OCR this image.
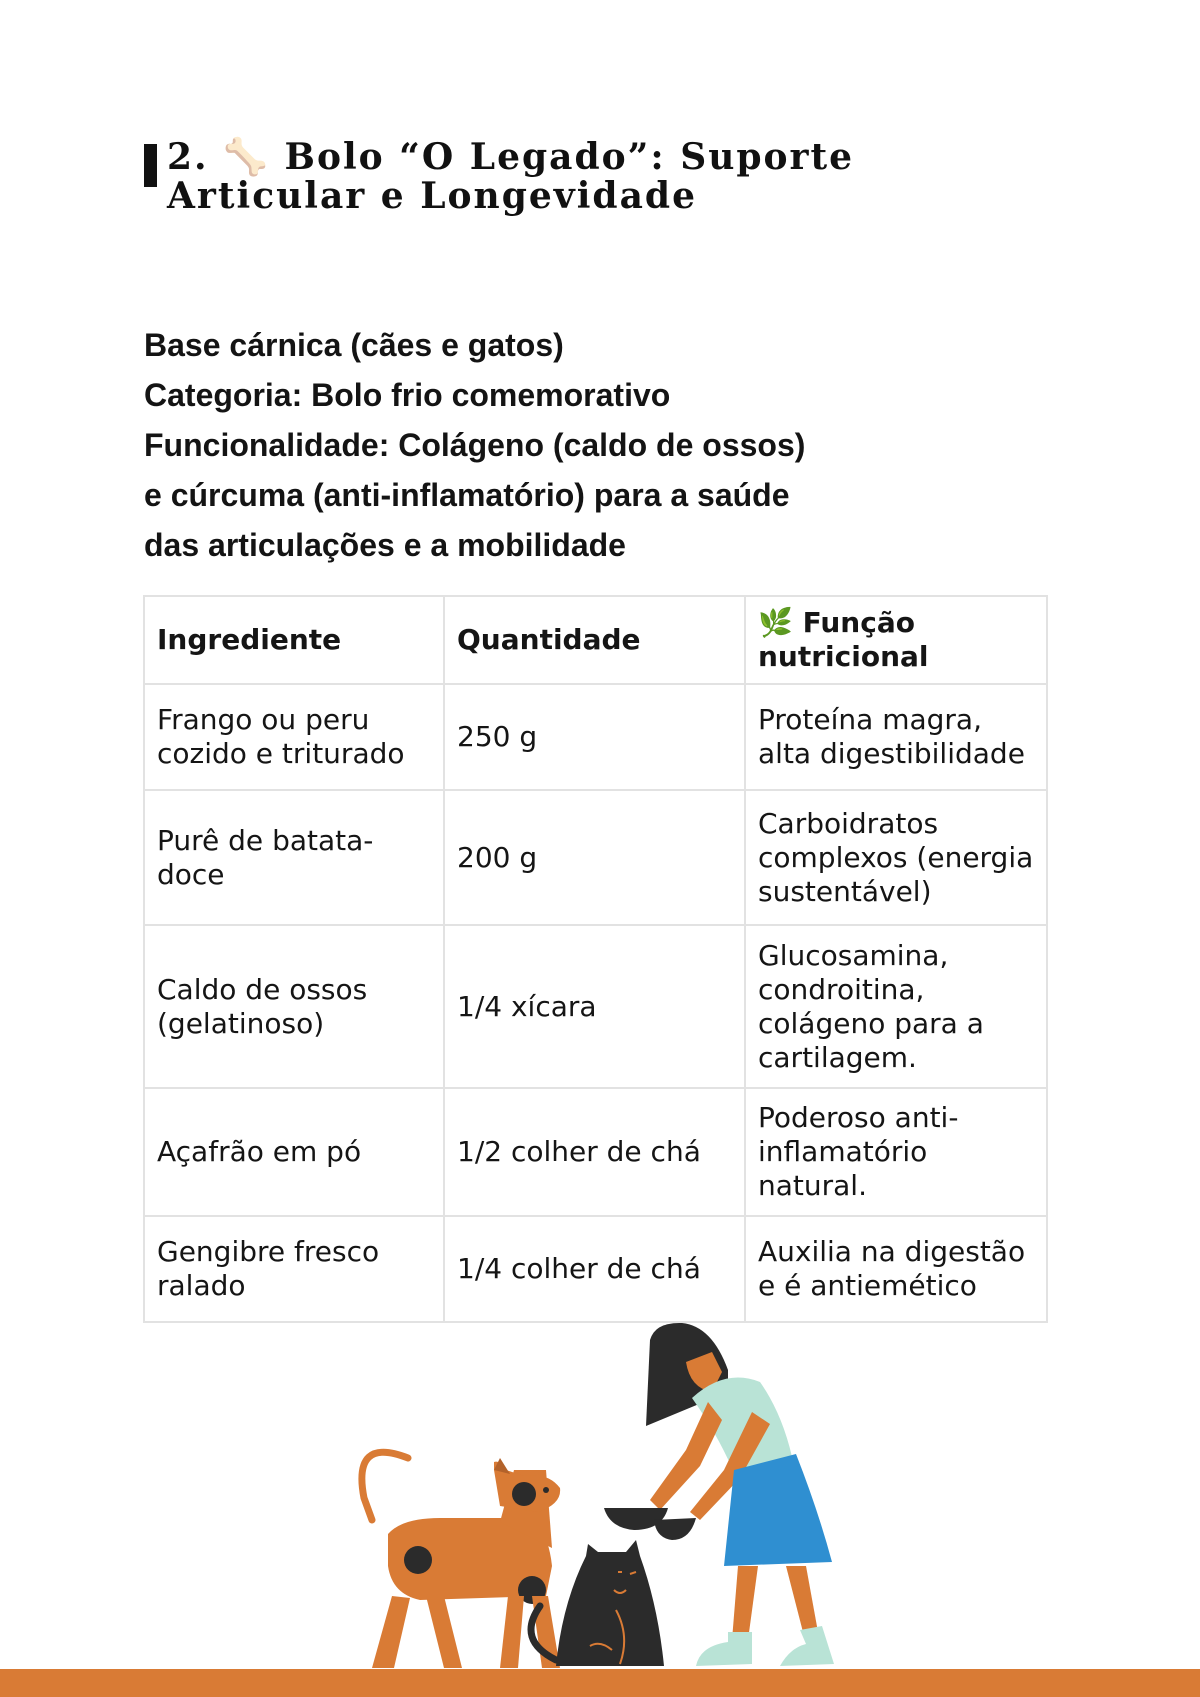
2. 🦴 Bolo “O Legado”: Suporte Articular e Longevidade
Base cárnica (cães e gatos)
Categoria: Bolo frio comemorativo
Funcionalidade: Colágeno (caldo de ossos)
e cúrcuma (anti-inflamatório) para a saúde
das articulações e a mobilidade
Ingrediente	Quantidade	🌿 Função nutricional
Frango ou peru cozido e triturado	250 g	Proteína magra, alta digestibilidade
Purê de batata-doce	200 g	Carboidratos complexos (energia sustentável)
Caldo de ossos (gelatinoso)	1/4 xícara	Glucosamina, condroitina, colágeno para a cartilagem.
Açafrão em pó	1/2 colher de chá	Poderoso anti-inflamatório natural.
Gengibre fresco ralado	1/4 colher de chá	Auxilia na digestão e é antiemético
